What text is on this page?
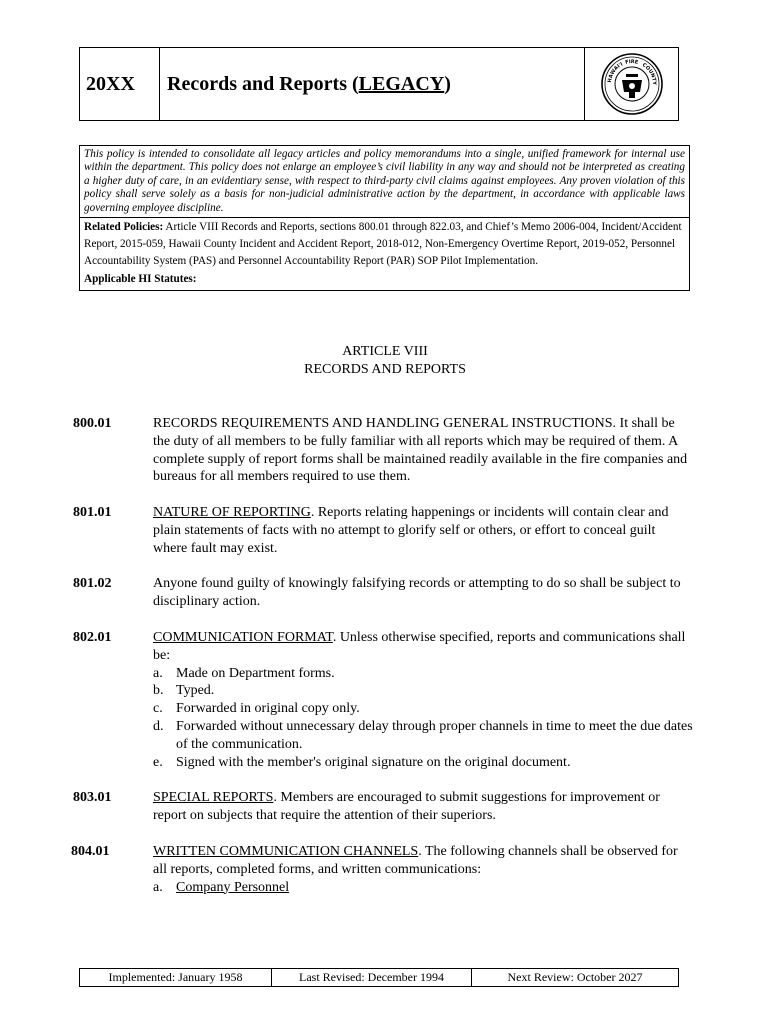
20XX	Records and Reports ( LEGACY )	HAWAI'I FIRE COUNTY
This policy is intended to consolidate all legacy articles and policy memorandums into a single, unified framework for internal use within the department. This policy does not enlarge an employee’s civil liability in any way and should not be interpreted as creating a higher duty of care, in an evidentiary sense, with respect to third-party civil claims against employees. Any proven violation of this policy shall serve solely as a basis for non-judicial administrative action by the department, in accordance with applicable laws governing employee discipline.
Related Policies: Article VIII Records and Reports, sections 800.01 through 822.03, and Chief’s Memo 2006-004, Incident/Accident Report, 2015-059, Hawaii County Incident and Accident Report, 2018-012, Non-Emergency Overtime Report, 2019-052, Personnel Accountability System (PAS) and Personnel Accountability Report (PAR) SOP Pilot Implementation.
Applicable HI Statutes:
ARTICLE VIII
RECORDS AND REPORTS
800.01	RECORDS REQUIREMENTS AND HANDLING GENERAL INSTRUCTIONS. It shall be the duty of all members to be fully familiar with all reports which may be required of them. A complete supply of report forms shall be maintained readily available in the fire companies and bureaus for all members required to use them.
801.01	NATURE OF REPORTING. Reports relating happenings or incidents will contain clear and plain statements of facts with no attempt to glorify self or others, or effort to conceal guilt where fault may exist.
801.02	Anyone found guilty of knowingly falsifying records or attempting to do so shall be subject to disciplinary action.
802.01	COMMUNICATION FORMAT. Unless otherwise specified, reports and communications shall be:
a. Made on Department forms.
b. Typed.
c. Forwarded in original copy only.
d. Forwarded without unnecessary delay through proper channels in time to meet the due dates of the communication.
e. Signed with the member's original signature on the original document.
803.01	SPECIAL REPORTS. Members are encouraged to submit suggestions for improvement or report on subjects that require the attention of their superiors.
804.01	WRITTEN COMMUNICATION CHANNELS. The following channels shall be observed for all reports, completed forms, and written communications:
a. Company Personnel
Implemented: January 1958	Last Revised: December 1994	Next Review: October 2027
